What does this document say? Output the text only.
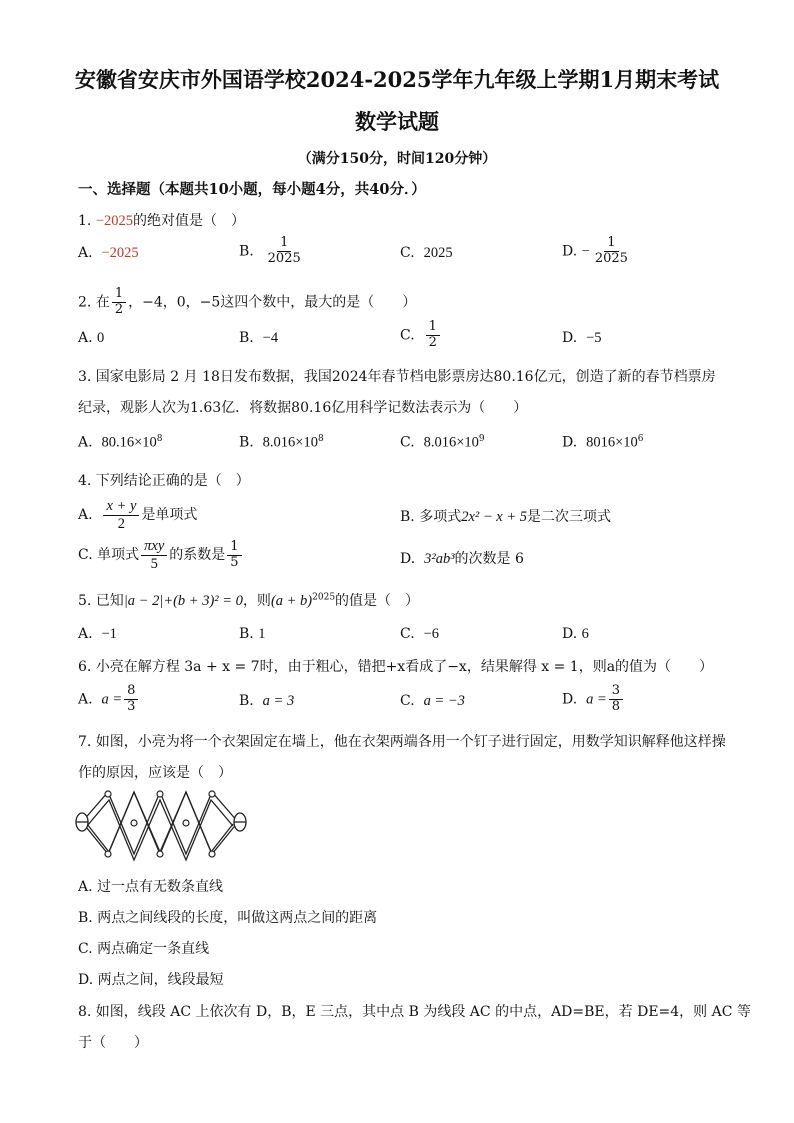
安徽省安庆市外国语学校2024-2025学年九年级上学期1月期末考试
数学试题
（满分150分，时间120分钟）
一、选择题（本题共10小题，每小题4分，共40分．）
1. −2025的绝对值是（　）
A. −2025	B. $\frac{1}{2025}$	C. 2025	D. − $\frac{1}{2025}$
2. 在 $\frac{1}{2}$ ，−4，0，−5这四个数中，最大的是（　　）
A. 0	B. −4	C. $\frac{1}{2}$	D. −5
3. 国家电影局 2 月 18日发布数据，我国2024年春节档电影票房达80.16亿元，创造了新的春节档票房
纪录，观影人次为1.63亿．将数据80.16亿用科学记数法表示为（　　）
A. $80.16\times 10^8$	B. $8.016\times 10^8$	C. $8.016\times 10^9$	D. $8016\times 10^6$
4. 下列结论正确的是（　）
A. $\frac{x + y}{2}$ 是单项式	B. 多项式2x² − x + 5是二次三项式
C. 单项式 $\frac{\text{πxy}}{5}$ 的系数是 $\frac{1}{5}$	D. 3²ab³的次数是 6
5. 已知|a − 2|+(b + 3)² = 0，则$(a + b)^{2025}$的值是（　）
A. −1	B. 1	C. −6	D. 6
6. 小亮在解方程 3a + x = 7时，由于粗心，错把+x看成了−x，结果解得 x = 1，则a的值为（　　）
A. $a = \frac{8}{3}$	B. a = 3	C. a = −3	D. $a = \frac{3}{8}$
7. 如图，小亮为将一个衣架固定在墙上，他在衣架两端各用一个钉子进行固定，用数学知识解释他这样操
作的原因，应该是（　）
A. 过一点有无数条直线
B. 两点之间线段的长度，叫做这两点之间的距离
C. 两点确定一条直线
D. 两点之间，线段最短
8. 如图，线段 AC 上依次有 D，B，E 三点，其中点 B 为线段 AC 的中点，AD=BE，若 DE=4，则 AC 等
于（　　）
